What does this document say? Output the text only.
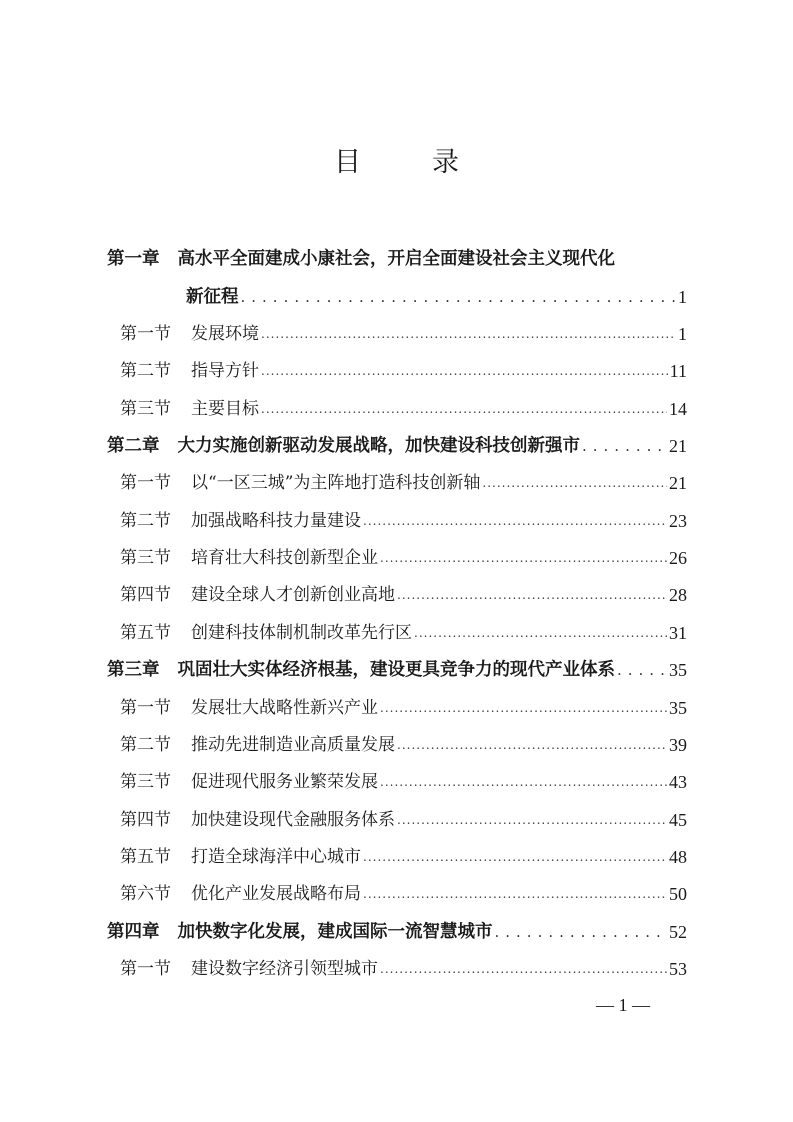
目　录
第一章 高水平全面建成小康社会，开启全面建设社会主义现代化
新征程 .....	1
第一节 发展环境 .....	1
第二节 指导方针 .....	11
第三节 主要目标 .....	14
第二章 大力实施创新驱动发展战略，加快建设科技创新强市 .....	21
第一节 以“一区三城”为主阵地打造科技创新轴 .....	21
第二节 加强战略科技力量建设 .....	23
第三节 培育壮大科技创新型企业 .....	26
第四节 建设全球人才创新创业高地 .....	28
第五节 创建科技体制机制改革先行区 .....	31
第三章 巩固壮大实体经济根基，建设更具竞争力的现代产业体系 .....	35
第一节 发展壮大战略性新兴产业 .....	35
第二节 推动先进制造业高质量发展 .....	39
第三节 促进现代服务业繁荣发展 .....	43
第四节 加快建设现代金融服务体系 .....	45
第五节 打造全球海洋中心城市 .....	48
第六节 优化产业发展战略布局 .....	50
第四章 加快数字化发展，建成国际一流智慧城市 .....	52
第一节 建设数字经济引领型城市 .....	53
— 1 —
